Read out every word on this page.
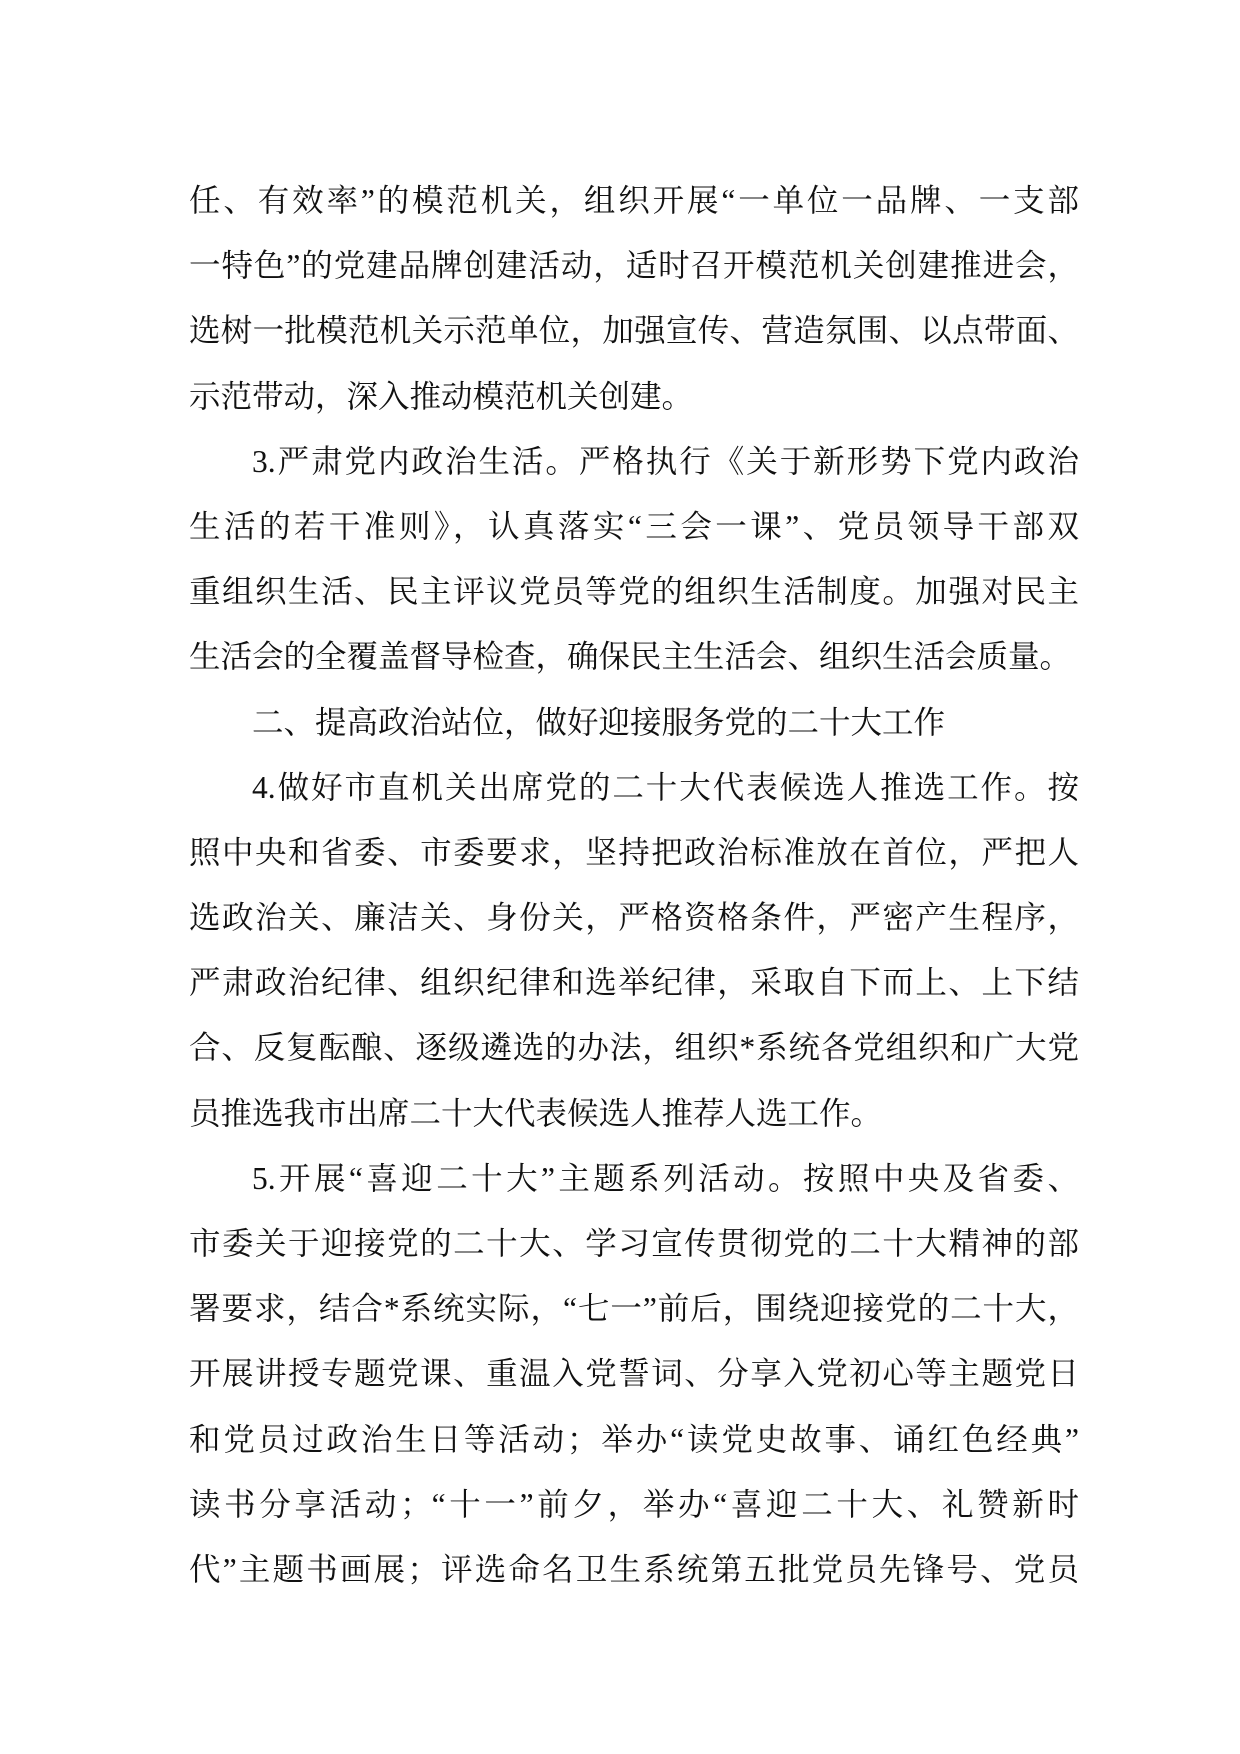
任、有效率”的模范机关，组织开展“一单位一品牌、一支部
一特色”的党建品牌创建活动，适时召开模范机关创建推进会，
选树一批模范机关示范单位，加强宣传、营造氛围、以点带面、
示范带动，深入推动模范机关创建。
3.严肃党内政治生活。严格执行《关于新形势下党内政治
生活的若干准则》，认真落实“三会一课”、党员领导干部双
重组织生活、民主评议党员等党的组织生活制度。加强对民主
生活会的全覆盖督导检查，确保民主生活会、组织生活会质量。
二、提高政治站位，做好迎接服务党的二十大工作
4.做好市直机关出席党的二十大代表候选人推选工作。按
照中央和省委、市委要求，坚持把政治标准放在首位，严把人
选政治关、廉洁关、身份关，严格资格条件，严密产生程序，
严肃政治纪律、组织纪律和选举纪律，采取自下而上、上下结
合、反复酝酿、逐级遴选的办法，组织*系统各党组织和广大党
员推选我市出席二十大代表候选人推荐人选工作。
5.开展“喜迎二十大”主题系列活动。按照中央及省委、
市委关于迎接党的二十大、学习宣传贯彻党的二十大精神的部
署要求，结合*系统实际，“七一”前后，围绕迎接党的二十大，
开展讲授专题党课、重温入党誓词、分享入党初心等主题党日
和党员过政治生日等活动；举办“读党史故事、诵红色经典”
读书分享活动；“十一”前夕，举办“喜迎二十大、礼赞新时
代”主题书画展；评选命名卫生系统第五批党员先锋号、党员
